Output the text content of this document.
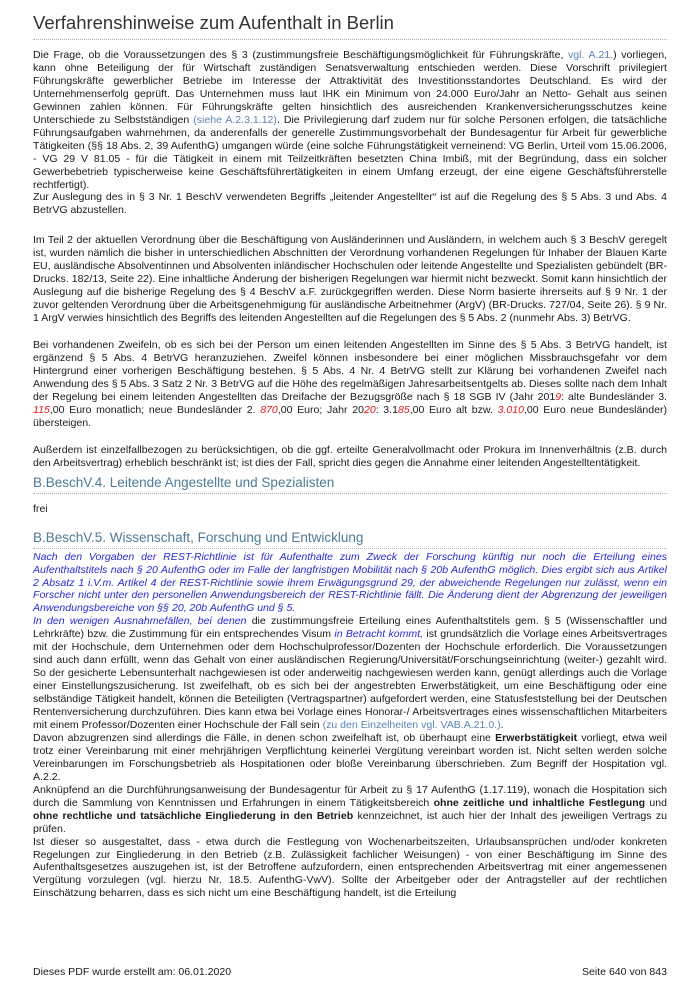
Verfahrenshinweise zum Aufenthalt in Berlin

Die Frage, ob die Voraussetzungen des § 3 (zustimmungsfreie Beschäftigungsmöglichkeit für Führungskräfte, vgl. A.21.) vorliegen, kann ohne Beteiligung der für Wirtschaft zuständigen Senatsverwaltung entschieden werden. Diese Vorschrift privilegiert Führungskräfte gewerblicher Betriebe im Interesse der Attraktivität des Investitionsstandortes Deutschland. Es wird der Unternehmenserfolg geprüft. Das Unternehmen muss laut IHK ein Minimum von 24.000 Euro/Jahr an Netto- Gehalt aus seinen Gewinnen zahlen können. Für Führungskräfte gelten hinsichtlich des ausreichenden Krankenversicherungsschutzes keine Unterschiede zu Selbstständigen (siehe A.2.3.1.12). Die Privilegierung darf zudem nur für solche Personen erfolgen, die tatsächliche Führungsaufgaben wahrnehmen, da anderenfalls der generelle Zustimmungsvorbehalt der Bundesagentur für Arbeit für gewerbliche Tätigkeiten (§§ 18 Abs. 2, 39 AufenthG) umgangen würde (eine solche Führungstätigkeit verneinend: VG Berlin, Urteil vom 15.06.2006, - VG 29 V 81.05 - für die Tätigkeit in einem mit Teilzeitkräften besetzten China Imbiß, mit der Begründung, dass ein solcher Gewerbebetrieb typischerweise keine Geschäftsführertätigkeiten in einem Umfang erzeugt, der eine eigene Geschäftsführerstelle rechtfertigt).
Zur Auslegung des in § 3 Nr. 1 BeschV verwendeten Begriffs „leitender Angestellter“ ist auf die Regelung des § 5 Abs. 3 und Abs. 4 BetrVG abzustellen.

Im Teil 2 der aktuellen Verordnung über die Beschäftigung von Ausländerinnen und Ausländern, in welchem auch § 3 BeschV geregelt ist, wurden nämlich die bisher in unterschiedlichen Abschnitten der Verordnung vorhandenen Regelungen für Inhaber der Blauen Karte EU, ausländische Absolventinnen und Absolventen inländischer Hochschulen oder leitende Angestellte und Spezialisten gebündelt (BR-Drucks. 182/13, Seite 22). Eine inhaltliche Änderung der bisherigen Regelungen war hiermit nicht bezweckt. Somit kann hinsichtlich der Auslegung auf die bisherige Regelung des § 4 BeschV a.F. zurückgegriffen werden. Diese Norm basierte ihrerseits auf § 9 Nr. 1 der zuvor geltenden Verordnung über die Arbeitsgenehmigung für ausländische Arbeitnehmer (ArgV) (BR-Drucks. 727/04, Seite 26). § 9 Nr. 1 ArgV verwies hinsichtlich des Begriffs des leitenden Angestellten auf die Regelungen des § 5 Abs. 2 (nunmehr Abs. 3) BetrVG.

Bei vorhandenen Zweifeln, ob es sich bei der Person um einen leitenden Angestellten im Sinne des § 5 Abs. 3 BetrVG handelt, ist ergänzend § 5 Abs. 4 BetrVG heranzuziehen. Zweifel können insbesondere bei einer möglichen Missbrauchsgefahr vor dem Hintergrund einer vorherigen Beschäftigung bestehen. § 5 Abs. 4 Nr. 4 BetrVG stellt zur Klärung bei vorhandenen Zweifel nach Anwendung des § 5 Abs. 3 Satz 2 Nr. 3 BetrVG auf die Höhe des regelmäßigen Jahresarbeitsentgelts ab. Dieses sollte nach dem Inhalt der Regelung bei einem leitenden Angestellten das Dreifache der Bezugsgröße nach § 18 SGB IV (Jahr 2019: alte Bundesländer 3. 115,00 Euro monatlich; neue Bundesländer 2. 870,00 Euro; Jahr 2020: 3.185,00 Euro alt bzw. 3.010,00 Euro neue Bundesländer) übersteigen.

Außerdem ist einzelfallbezogen zu berücksichtigen, ob die ggf. erteilte Generalvollmacht oder Prokura im Innenverhältnis (z.B. durch den Arbeitsvertrag) erheblich beschränkt ist; ist dies der Fall, spricht dies gegen die Annahme einer leitenden Angestelltentätigkeit.

B.BeschV.4. Leitende Angestellte und Spezialisten

frei

B.BeschV.5. Wissenschaft, Forschung und Entwicklung

Nach den Vorgaben der REST-Richtlinie ist für Aufenthalte zum Zweck der Forschung künftig nur noch die Erteilung eines Aufenthaltstitels nach § 20 AufenthG oder im Falle der langfristigen Mobilität nach § 20b AufenthG möglich. Dies ergibt sich aus Artikel 2 Absatz 1 i.V.m. Artikel 4 der REST-Richtlinie sowie ihrem Erwägungsgrund 29, der abweichende Regelungen nur zulässt, wenn ein Forscher nicht unter den personellen Anwendungsbereich der REST-Richtlinie fällt. Die Änderung dient der Abgrenzung der jeweiligen Anwendungsbereiche von §§ 20, 20b AufenthG und § 5.

In den wenigen Ausnahmefällen, bei denen die zustimmungsfreie Erteilung eines Aufenthaltstitels gem. § 5 (Wissenschaftler und Lehrkräfte) bzw. die Zustimmung für ein entsprechendes Visum in Betracht kommt, ist grundsätzlich die Vorlage eines Arbeitsvertrages mit der Hochschule, dem Unternehmen oder dem Hochschulprofessor/Dozenten der Hochschule erforderlich. Die Voraussetzungen sind auch dann erfüllt, wenn das Gehalt von einer ausländischen Regierung/Universität/Forschungseinrichtung (weiter-) gezahlt wird. So der gesicherte Lebensunterhalt nachgewiesen ist oder anderweitig nachgewiesen werden kann, genügt allerdings auch die Vorlage einer Einstellungszusicherung. Ist zweifelhaft, ob es sich bei der angestrebten Erwerbstätigkeit, um eine Beschäftigung oder eine selbständige Tätigkeit handelt, können die Beteiligten (Vertragspartner) aufgefordert werden, eine Statusfeststellung bei der Deutschen Rentenversicherung durchzuführen. Dies kann etwa bei Vorlage eines Honorar-/ Arbeitsvertrages eines wissenschaftlichen Mitarbeiters mit einem Professor/Dozenten einer Hochschule der Fall sein (zu den Einzelheiten vgl. VAB.A.21.0.).

Davon abzugrenzen sind allerdings die Fälle, in denen schon zweifelhaft ist, ob überhaupt eine Erwerbstätigkeit vorliegt, etwa weil trotz einer Vereinbarung mit einer mehrjährigen Verpflichtung keinerlei Vergütung vereinbart worden ist. Nicht selten werden solche Vereinbarungen im Forschungsbetrieb als Hospitationen oder bloße Vereinbarung überschrieben. Zum Begriff der Hospitation vgl. A.2.2.

Anknüpfend an die Durchführungsanweisung der Bundesagentur für Arbeit zu § 17 AufenthG (1.17.119), wonach die Hospitation sich durch die Sammlung von Kenntnissen und Erfahrungen in einem Tätigkeitsbereich ohne zeitliche und inhaltliche Festlegung und ohne rechtliche und tatsächliche Eingliederung in den Betrieb kennzeichnet, ist auch hier der Inhalt des jeweiligen Vertrags zu prüfen.

Ist dieser so ausgestaltet, dass - etwa durch die Festlegung von Wochenarbeitszeiten, Urlaubsansprüchen und/oder konkreten Regelungen zur Eingliederung in den Betrieb (z.B. Zulässigkeit fachlicher Weisungen) - von einer Beschäftigung im Sinne des Aufenthaltsgesetzes auszugehen ist, ist der Betroffene aufzufordern, einen entsprechenden Arbeitsvertrag mit einer angemessenen Vergütung vorzulegen (vgl. hierzu Nr. 18.5. AufenthG-VwV). Sollte der Arbeitgeber oder der Antragsteller auf der rechtlichen Einschätzung beharren, dass es sich nicht um eine Beschäftigung handelt, ist die Erteilung

Dieses PDF wurde erstellt am: 06.01.2020	Seite 640 von 843
